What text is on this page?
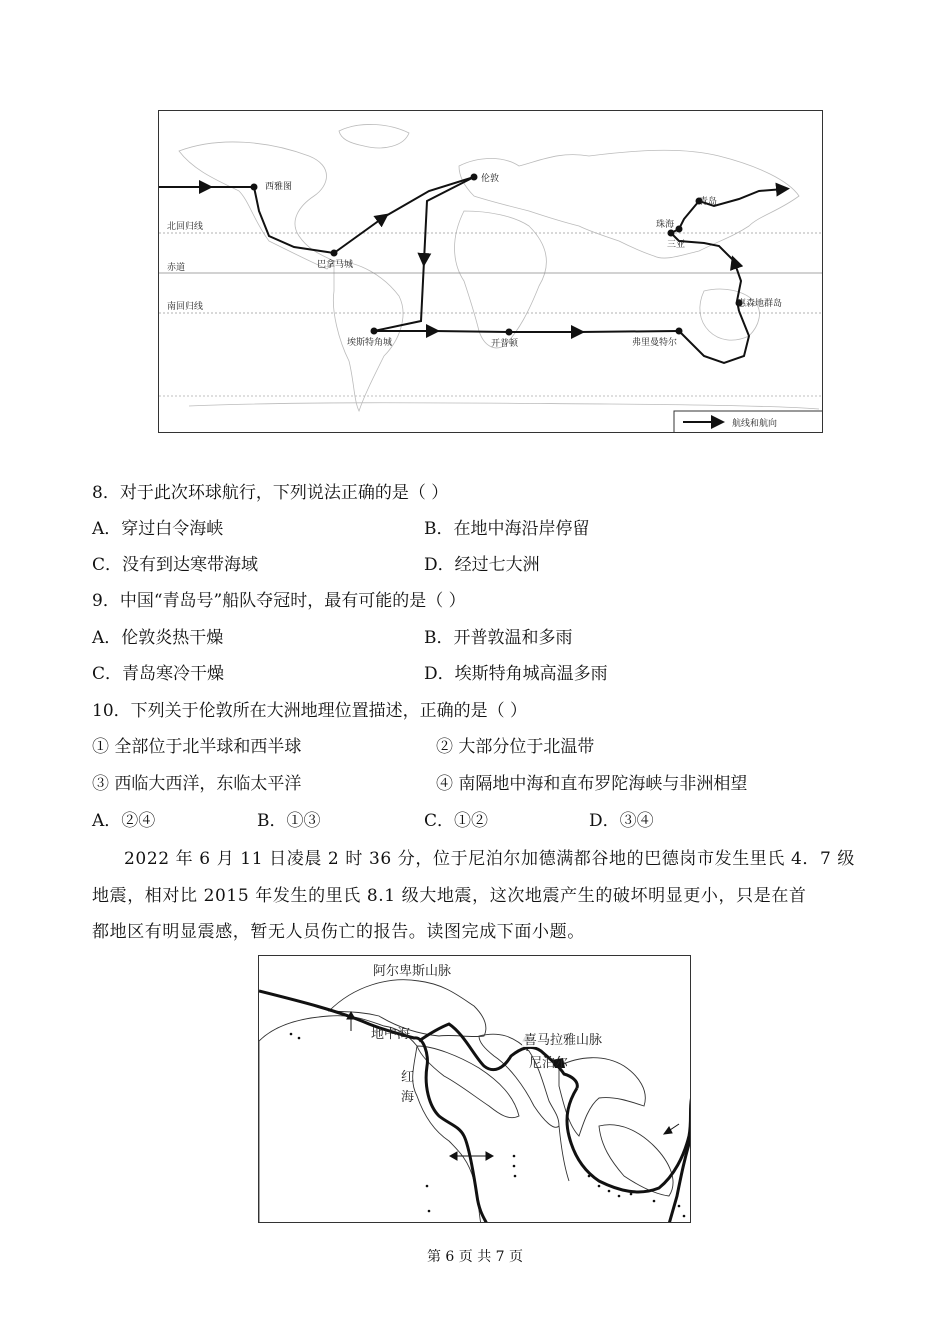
北回归线
赤道
南回归线
西雅图
伦敦
青岛
珠海
三亚
巴拿马城
惠森地群岛
埃斯特角城	开普顿	弗里曼特尔
航线和航向
8．对于此次环球航行，下列说法正确的是（ ）
A．穿过白令海峡	B．在地中海沿岸停留
C．没有到达寒带海域	D．经过七大洲
9．中国“青岛号”船队夺冠时，最有可能的是（ ）
A．伦敦炎热干燥	B．开普敦温和多雨
C．青岛寒冷干燥	D．埃斯特角城高温多雨
10．下列关于伦敦所在大洲地理位置描述，正确的是（ ）
① 全部位于北半球和西半球	② 大部分位于北温带
③ 西临大西洋，东临太平洋	④ 南隔地中海和直布罗陀海峡与非洲相望
A．②④	B．①③	C．①②	D．③④
2022 年 6 月 11 日凌晨 2 时 36 分，位于尼泊尔加德满都谷地的巴德岗市发生里氏 4．7 级
地震，相对比 2015 年发生的里氏 8.1 级大地震，这次地震产生的破坏明显更小，只是在首
都地区有明显震感，暂无人员伤亡的报告。读图完成下面小题。
阿尔卑斯山脉
地中海
红
海
喜马拉雅山脉
尼泊尔
第 6 页 共 7 页
